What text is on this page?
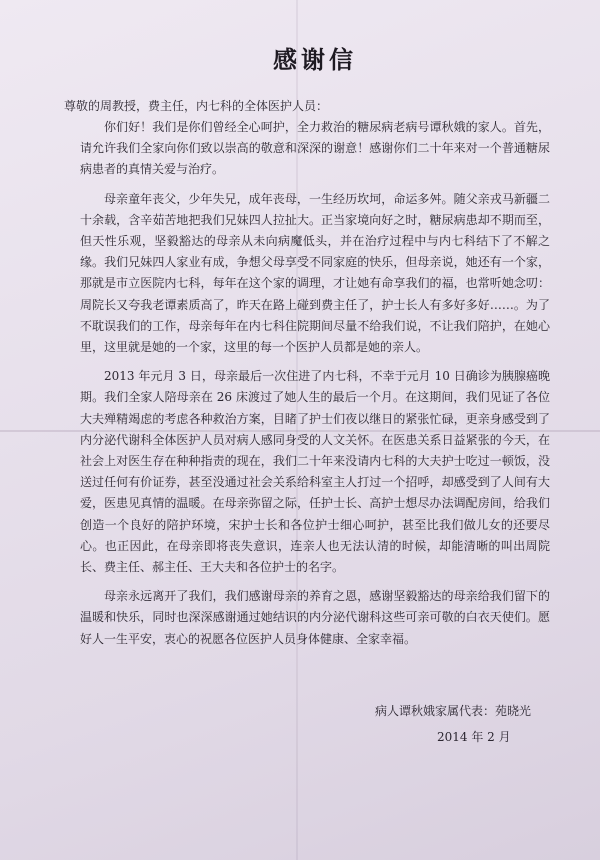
感谢信

尊敬的周教授，费主任，内七科的全体医护人员：

你们好！我们是你们曾经全心呵护，全力救治的糖尿病老病号谭秋娥的家人。首先，请允许我们全家向你们致以崇高的敬意和深深的谢意！感谢你们二十年来对一个普通糖尿病患者的真情关爱与治疗。

母亲童年丧父，少年失兄，成年丧母，一生经历坎坷，命运多舛。随父亲戎马新疆二十余载，含辛茹苦地把我们兄妹四人拉扯大。正当家境向好之时，糖尿病患却不期而至，但天性乐观，坚毅豁达的母亲从未向病魔低头，并在治疗过程中与内七科结下了不解之缘。我们兄妹四人家业有成，争想父母享受不同家庭的快乐，但母亲说，她还有一个家，那就是市立医院内七科，每年在这个家的调理，才让她有命享我们的福，也常听她念叨：周院长又夸我老谭素质高了，昨天在路上碰到费主任了，护士长人有多好多好……。为了不耽误我们的工作，母亲每年在内七科住院期间尽量不给我们说，不让我们陪护，在她心里，这里就是她的一个家，这里的每一个医护人员都是她的亲人。

2013 年元月 3 日，母亲最后一次住进了内七科，不幸于元月 10 日确诊为胰腺癌晚期。我们全家人陪母亲在 26 床渡过了她人生的最后一个月。在这期间，我们见证了各位大夫殚精竭虑的考虑各种救治方案，目睹了护士们夜以继日的紧张忙碌，更亲身感受到了内分泌代谢科全体医护人员对病人感同身受的人文关怀。在医患关系日益紧张的今天，在社会上对医生存在种种指责的现在，我们二十年来没请内七科的大夫护士吃过一顿饭，没送过任何有价证券，甚至没通过社会关系给科室主人打过一个招呼，却感受到了人间有大爱，医患见真情的温暖。在母亲弥留之际，任护士长、高护士想尽办法调配房间，给我们创造一个良好的陪护环境，宋护士长和各位护士细心呵护，甚至比我们做儿女的还要尽心。也正因此，在母亲即将丧失意识，连亲人也无法认清的时候，却能清晰的叫出周院长、费主任、郝主任、王大夫和各位护士的名字。

母亲永远离开了我们，我们感谢母亲的养育之恩，感谢坚毅豁达的母亲给我们留下的温暖和快乐，同时也深深感谢通过她结识的内分泌代谢科这些可亲可敬的白衣天使们。愿好人一生平安，衷心的祝愿各位医护人员身体健康、全家幸福。

病人谭秋娥家属代表：苑晓光
2014 年 2 月
